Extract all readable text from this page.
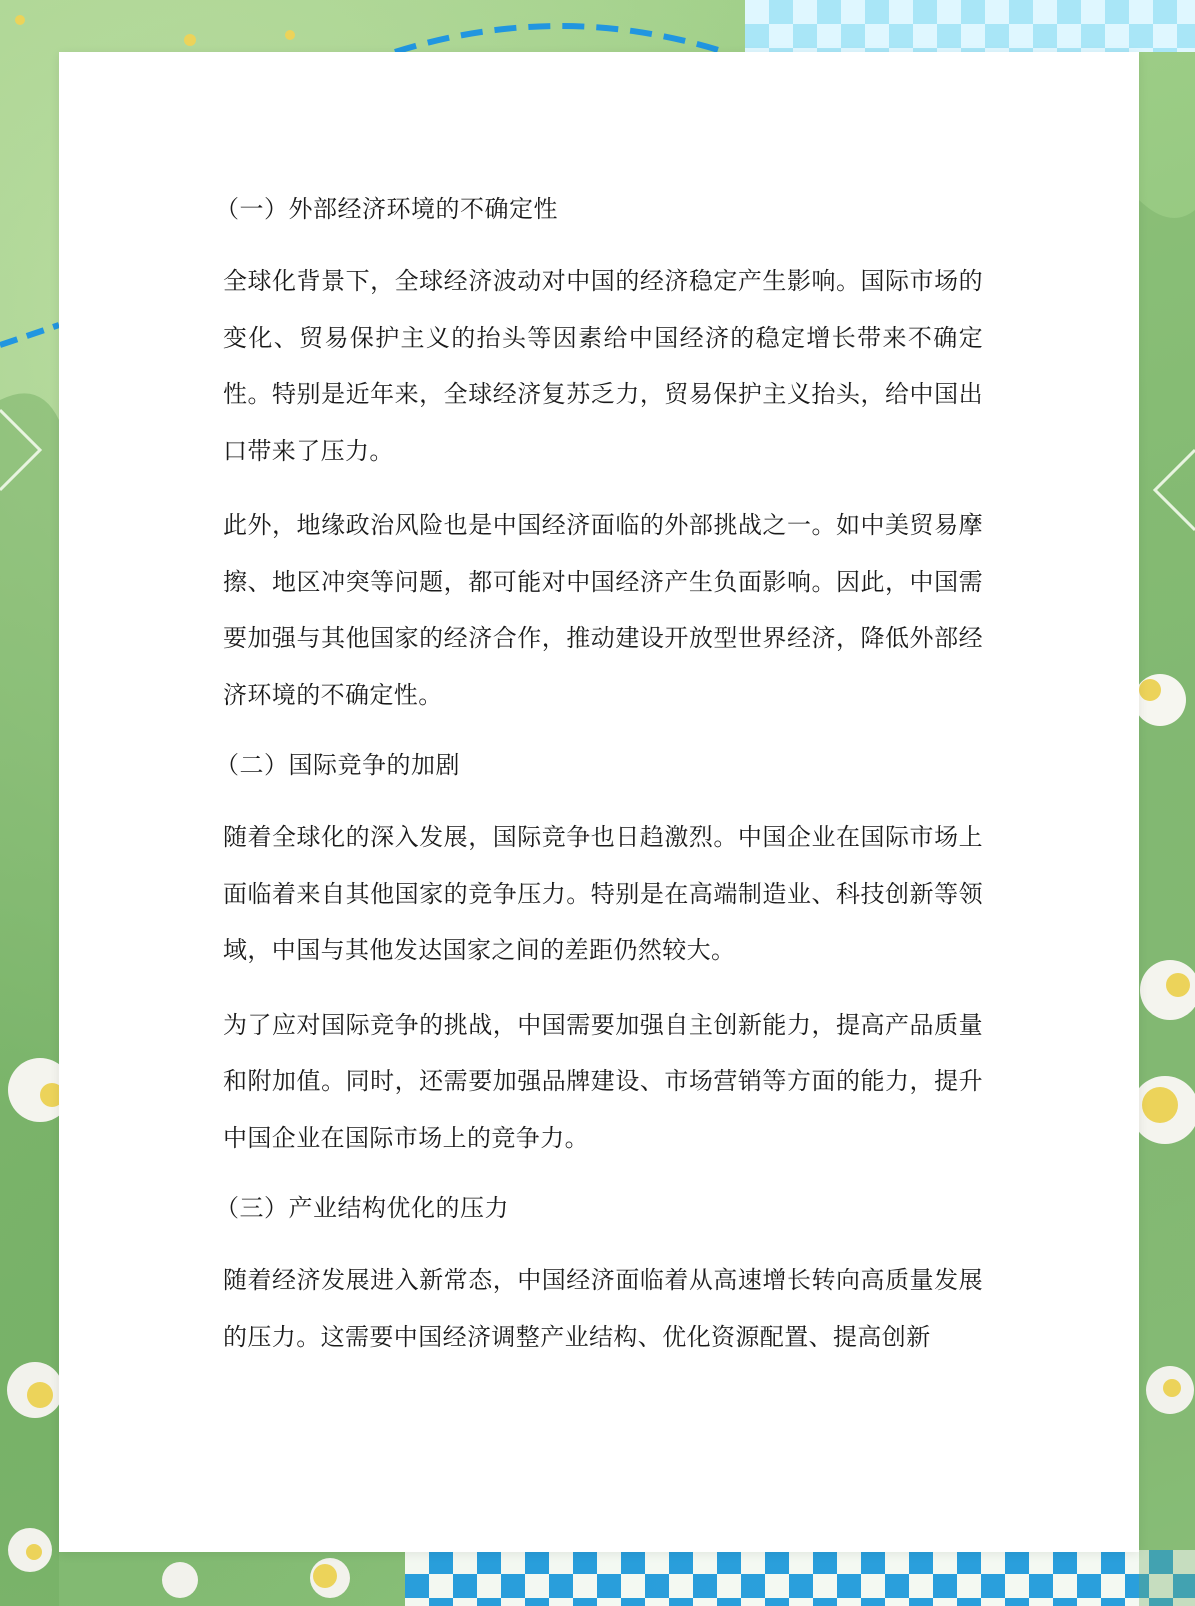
（一）外部经济环境的不确定性

全球化背景下，全球经济波动对中国的经济稳定产生影响。国际市场的变化、贸易保护主义的抬头等因素给中国经济的稳定增长带来不确定性。特别是近年来，全球经济复苏乏力，贸易保护主义抬头，给中国出口带来了压力。

此外，地缘政治风险也是中国经济面临的外部挑战之一。如中美贸易摩擦、地区冲突等问题，都可能对中国经济产生负面影响。因此，中国需要加强与其他国家的经济合作，推动建设开放型世界经济，降低外部经济环境的不确定性。

（二）国际竞争的加剧

随着全球化的深入发展，国际竞争也日趋激烈。中国企业在国际市场上面临着来自其他国家的竞争压力。特别是在高端制造业、科技创新等领域，中国与其他发达国家之间的差距仍然较大。

为了应对国际竞争的挑战，中国需要加强自主创新能力，提高产品质量和附加值。同时，还需要加强品牌建设、市场营销等方面的能力，提升中国企业在国际市场上的竞争力。

（三）产业结构优化的压力

随着经济发展进入新常态，中国经济面临着从高速增长转向高质量发展的压力。这需要中国经济调整产业结构、优化资源配置、提高创新
